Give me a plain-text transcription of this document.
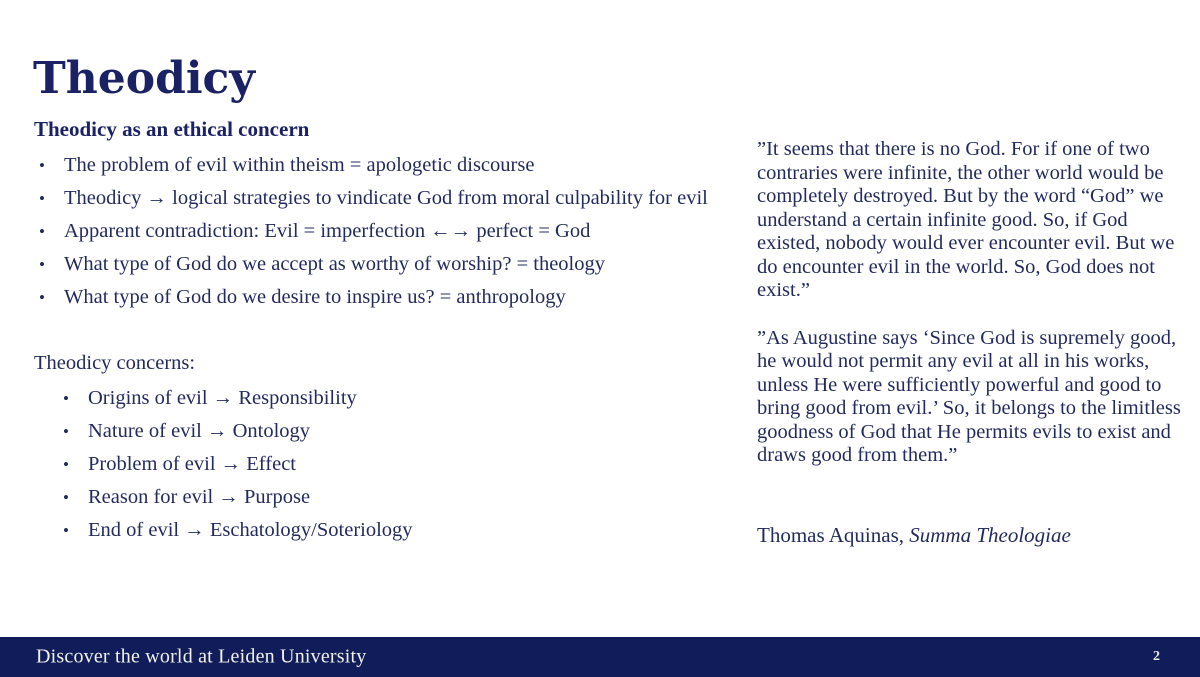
Theodicy
Theodicy as an ethical concern
• The problem of evil within theism = apologetic discourse
• Theodicy → logical strategies to vindicate God from moral culpability for evil
• Apparent contradiction: Evil = imperfection ←→ perfect = God
• What type of God do we accept as worthy of worship? = theology
• What type of God do we desire to inspire us? = anthropology

Theodicy concerns:

• Origins of evil → Responsibility
• Nature of evil → Ontology
• Problem of evil → Effect
• Reason for evil → Purpose
• End of evil → Eschatology/Soteriology

”It seems that there is no God. For if one of two contraries were infinite, the other world would be completely destroyed. But by the word “God” we understand a certain infinite good. So, if God existed, nobody would ever encounter evil. But we do encounter evil in the world. So, God does not exist.”

”As Augustine says ‘Since God is supremely good, he would not permit any evil at all in his works, unless He were sufficiently powerful and good to bring good from evil.’ So, it belongs to the limitless goodness of God that He permits evils to exist and draws good from them.”

Thomas Aquinas, Summa Theologiae

Discover the world at Leiden University	2
